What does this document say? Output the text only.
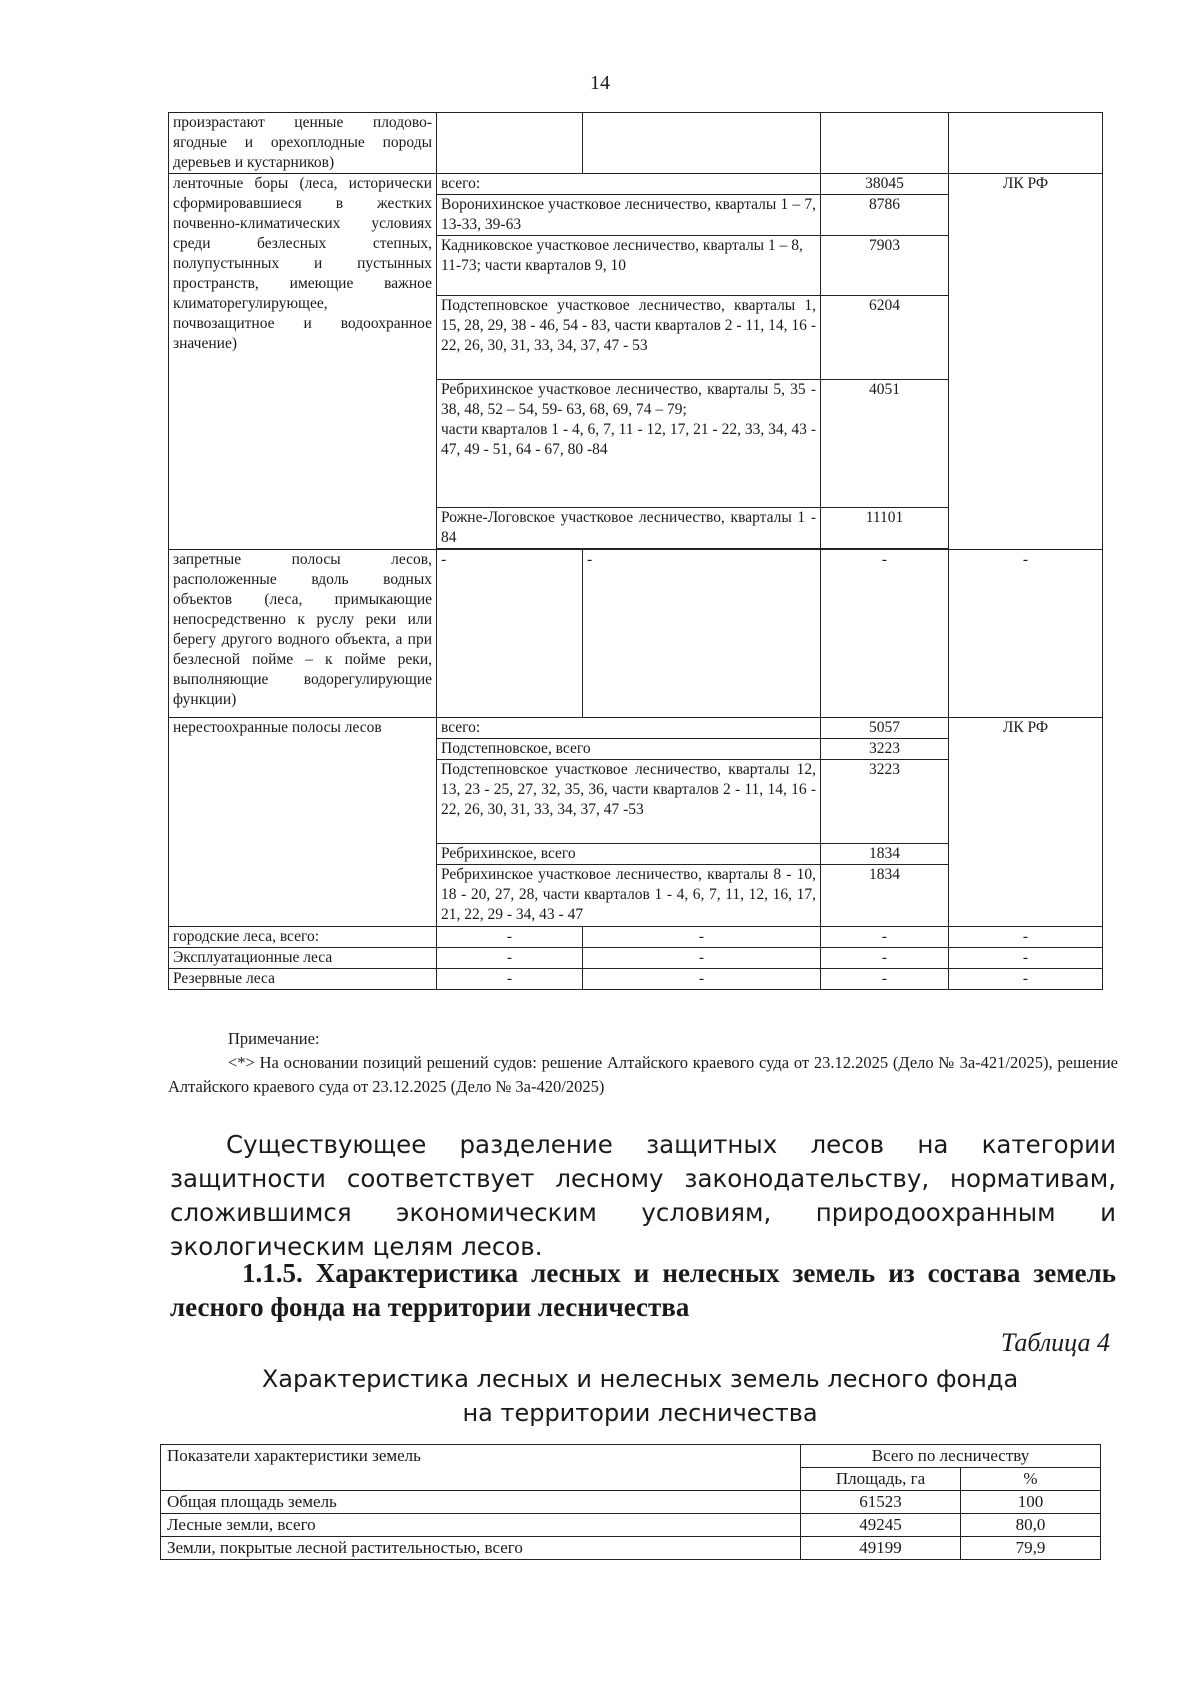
14
произрастают ценные плодово-ягодные и орехоплодные породы деревьев и кустарников)				
ленточные боры (леса, исторически сформировавшиеся в жестких почвенно-климатических условиях среди безлесных степных, полупустынных и пустынных пространств, имеющие важное климаторегулирующее, почвозащитное и водоохранное значение)	всего:		38045	ЛК РФ
	Воронихинское участковое лесничество, кварталы 1 – 7, 13-33, 39-63		8786	
	Кадниковское участковое лесничество, кварталы 1 – 8, 11-73; части кварталов 9, 10		7903	
	Подстепновское участковое лесничество, кварталы 1, 15, 28, 29, 38 - 46, 54 - 83, части кварталов 2 - 11, 14, 16 - 22, 26, 30, 31, 33, 34, 37, 47 - 53		6204	

	Ребрихинское участковое лесничество, кварталы 5, 35 - 38, 48, 52 – 54, 59- 63, 68, 69, 74 – 79;
части кварталов 1 - 4, 6, 7, 11 - 12, 17, 21 - 22, 33, 34, 43 - 47, 49 - 51, 64 - 67, 80 -84		4051	
	Рожне-Логовское участковое лесничество, кварталы 1 - 84		11101	

запретные полосы лесов, расположенные вдоль водных объектов (леса, примыкающие непосредственно к руслу реки или берегу другого водного объекта, а при безлесной пойме – к пойме реки, выполняющие водорегулирующие функции)	-	-	-	-
нерестоохранные полосы лесов	всего:		5057	ЛК РФ
	Подстепновское, всего		3223	
	Подстепновское участковое лесничество, кварталы 12, 13, 23 - 25, 27, 32, 35, 36, части кварталов 2 - 11, 14, 16 - 22, 26, 30, 31, 33, 34, 37, 47 -53		3223	
	Ребрихинское, всего		1834	
	Ребрихинское участковое лесничество, кварталы 8 - 10, 18 - 20, 27, 28, части кварталов 1 - 4, 6, 7, 11, 12, 16, 17, 21, 22, 29 - 34, 43 - 47		1834	
городские леса, всего:	-	-	-	-
Эксплуатационные леса	-	-	-	-
Резервные леса	-	-	-	-
Примечание:
<*> На основании позиций решений судов: решение Алтайского краевого суда от 23.12.2025 (Дело № 3а-421/2025), решение Алтайского краевого суда от 23.12.2025 (Дело № 3а-420/2025)
Существующее разделение защитных лесов на категории защитности соответствует лесному законодательству, нормативам, сложившимся экономическим условиям, природоохранным и экологическим целям лесов.
1.1.5. Характеристика лесных и нелесных земель из состава земель лесного фонда на территории лесничества
Таблица 4
Характеристика лесных и нелесных земель лесного фонда
на территории лесничества
Показатели характеристики земель	Всего по лесничеству	
	Площадь, га	%
Общая площадь земель	61523	100
Лесные земли, всего	49245	80,0
Земли, покрытые лесной растительностью, всего	49199	79,9
